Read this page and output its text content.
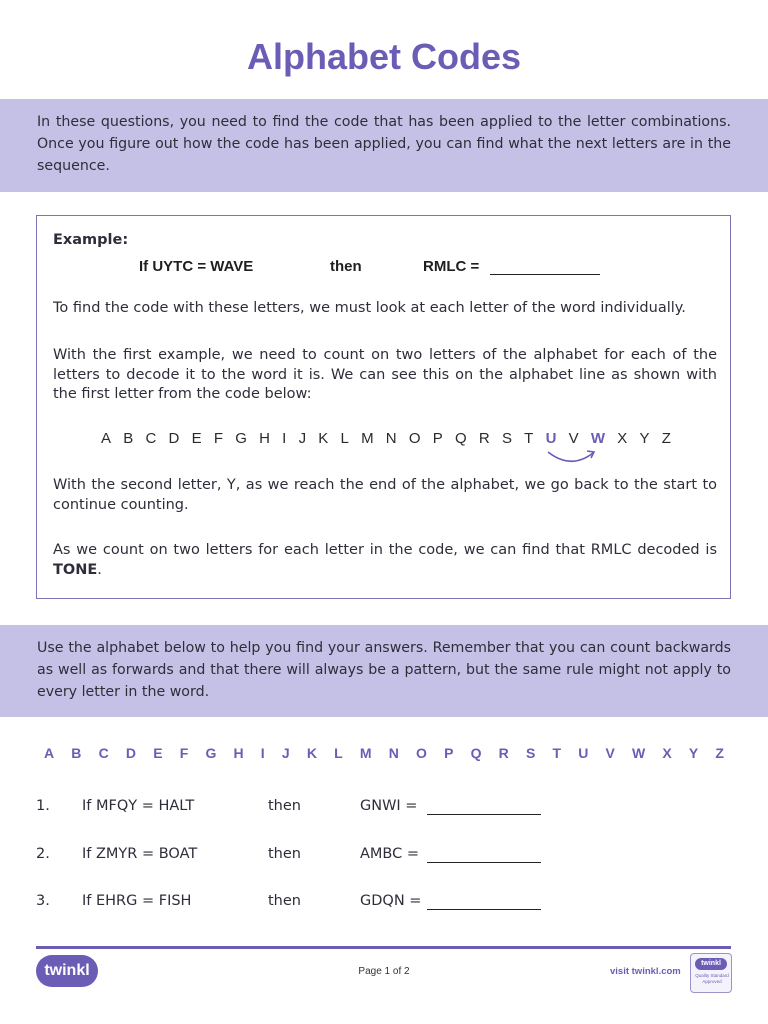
Alphabet Codes

In these questions, you need to find the code that has been applied to the letter combinations. Once you figure out how the code has been applied, you can find what the next letters are in the sequence.

Example:
If UYTC = WAVE	then	RMLC =
To find the code with these letters, we must look at each letter of the word individually.
With the first example, we need to count on two letters of the alphabet for each of the letters to decode it to the word it is. We can see this on the alphabet line as shown with the first letter from the code below:
A B C D E F G H I J K L M N O P Q R S T U V W X Y Z
With the second letter, Y, as we reach the end of the alphabet, we go back to the start to continue counting.
As we count on two letters for each letter in the code, we can find that RMLC decoded is TONE.

Use the alphabet below to help you find your answers. Remember that you can count backwards as well as forwards and that there will always be a pattern, but the same rule might not apply to every letter in the word.

A B C D E F G H I J K L M N O P Q R S T U V W X Y Z
1. If MFQY = HALT	then	GNWI =
2. If ZMYR = BOAT	then	AMBC =
3. If EHRG = FISH	then	GDQN =
twinkl	Page 1 of 2	visit twinkl.com
twinkl
Quality Standard Approved
